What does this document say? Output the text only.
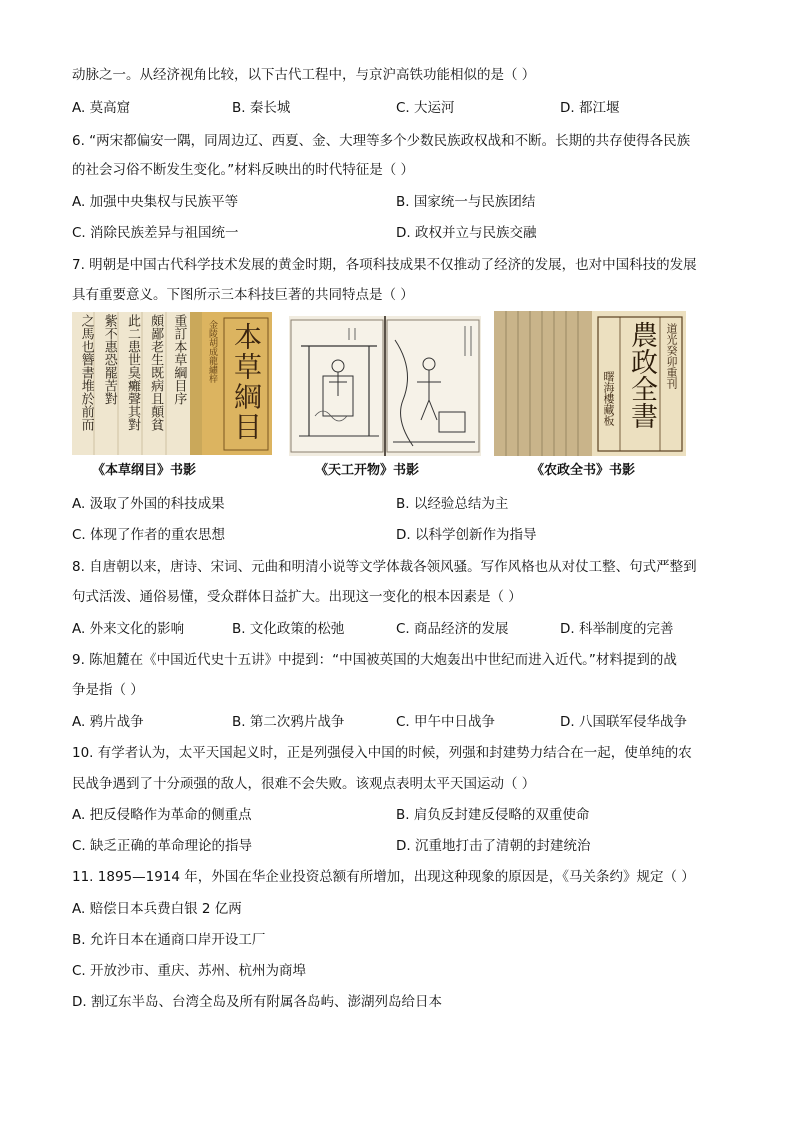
动脉之一。从经济视角比较，以下古代工程中，与京沪高铁功能相似的是（ ）
A. 莫高窟	B. 秦长城	C. 大运河	D. 都江堰
6. “两宋都偏安一隅，同周边辽、西夏、金、大理等多个少数民族政权战和不断。长期的共存使得各民族
的社会习俗不断发生变化。”材料反映出的时代特征是（ ）
A. 加强中央集权与民族平等	B. 国家统一与民族团结
C. 消除民族差异与祖国统一	D. 政权并立与民族交融
7. 明朝是中国古代科学技术发展的黄金时期，各项科技成果不仅推动了经济的发展，也对中国科技的发展
具有重要意义。下图所示三本科技巨著的共同特点是（ ）
之馬也簪書堆於前而 紫不惠恐罷苦對 此二患世臭癱聲其對 頗鄙老生既病且顛貧 重訂本草綱目序 金陵胡成龍繡梓 本草綱目
《本草纲目》书影	《天工开物》书影
道光癸卯重刊
農政全書
曙海樓藏板
《农政全书》书影
A. 汲取了外国的科技成果	B. 以经验总结为主
C. 体现了作者的重农思想	D. 以科学创新作为指导
8. 自唐朝以来，唐诗、宋词、元曲和明清小说等文学体裁各领风骚。写作风格也从对仗工整、句式严整到
句式活泼、通俗易懂，受众群体日益扩大。出现这一变化的根本因素是（ ）
A. 外来文化的影响	B. 文化政策的松弛	C. 商品经济的发展	D. 科举制度的完善
9. 陈旭麓在《中国近代史十五讲》中提到：“中国被英国的大炮轰出中世纪而进入近代。”材料提到的战
争是指（ ）
A. 鸦片战争	B. 第二次鸦片战争	C. 甲午中日战争	D. 八国联军侵华战争
10. 有学者认为，太平天国起义时，正是列强侵入中国的时候，列强和封建势力结合在一起，使单纯的农
民战争遇到了十分顽强的敌人，很难不会失败。该观点表明太平天国运动（ ）
A. 把反侵略作为革命的侧重点	B. 肩负反封建反侵略的双重使命
C. 缺乏正确的革命理论的指导	D. 沉重地打击了清朝的封建统治
11. 1895—1914 年，外国在华企业投资总额有所增加，出现这种现象的原因是，《马关条约》规定（ ）
A. 赔偿日本兵费白银 2 亿两
B. 允许日本在通商口岸开设工厂
C. 开放沙市、重庆、苏州、杭州为商埠
D. 割辽东半岛、台湾全岛及所有附属各岛屿、澎湖列岛给日本
